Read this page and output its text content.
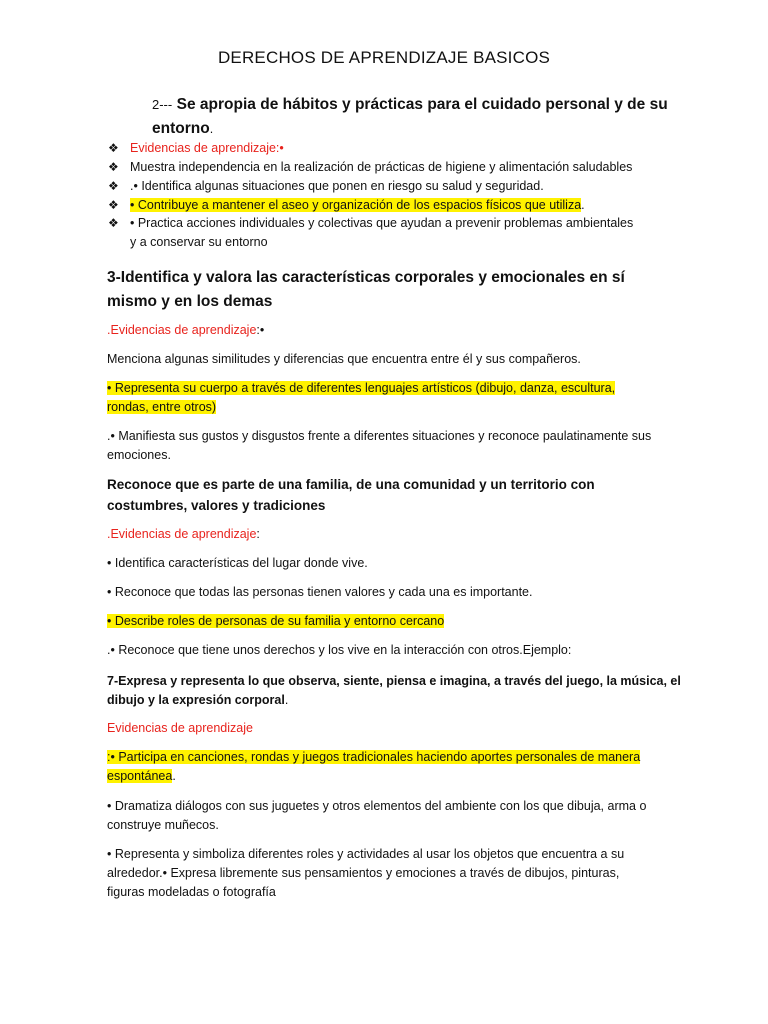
DERECHOS DE APRENDIZAJE BASICOS
2--- Se apropia de hábitos y prácticas para el cuidado personal y de su
entorno.
❖ Evidencias de aprendizaje:•
❖ Muestra independencia en la realización de prácticas de higiene y alimentación saludables
❖ .• Identifica algunas situaciones que ponen en riesgo su salud y seguridad.
❖ • Contribuye a mantener el aseo y organización de los espacios físicos que utiliza.
❖ • Practica acciones individuales y colectivas que ayudan a prevenir problemas ambientales
y a conservar su entorno
3-Identifica y valora las características corporales y emocionales en sí
mismo y en los demas
.Evidencias de aprendizaje:•
Menciona algunas similitudes y diferencias que encuentra entre él y sus compañeros.
• Representa su cuerpo a través de diferentes lenguajes artísticos (dibujo, danza, escultura,
rondas, entre otros)
.• Manifiesta sus gustos y disgustos frente a diferentes situaciones y reconoce paulatinamente sus
emociones.
Reconoce que es parte de una familia, de una comunidad y un territorio con
costumbres, valores y tradiciones
.Evidencias de aprendizaje:
• Identifica características del lugar donde vive.
• Reconoce que todas las personas tienen valores y cada una es importante.
• Describe roles de personas de su familia y entorno cercano
.• Reconoce que tiene unos derechos y los vive en la interacción con otros.Ejemplo:
7-Expresa y representa lo que observa, siente, piensa e imagina, a través del juego, la música, el
dibujo y la expresión corporal.
Evidencias de aprendizaje
:• Participa en canciones, rondas y juegos tradicionales haciendo aportes personales de manera
espontánea.
• Dramatiza diálogos con sus juguetes y otros elementos del ambiente con los que dibuja, arma o
construye muñecos.
• Representa y simboliza diferentes roles y actividades al usar los objetos que encuentra a su
alrededor.• Expresa libremente sus pensamientos y emociones a través de dibujos, pinturas,
figuras modeladas o fotografía
